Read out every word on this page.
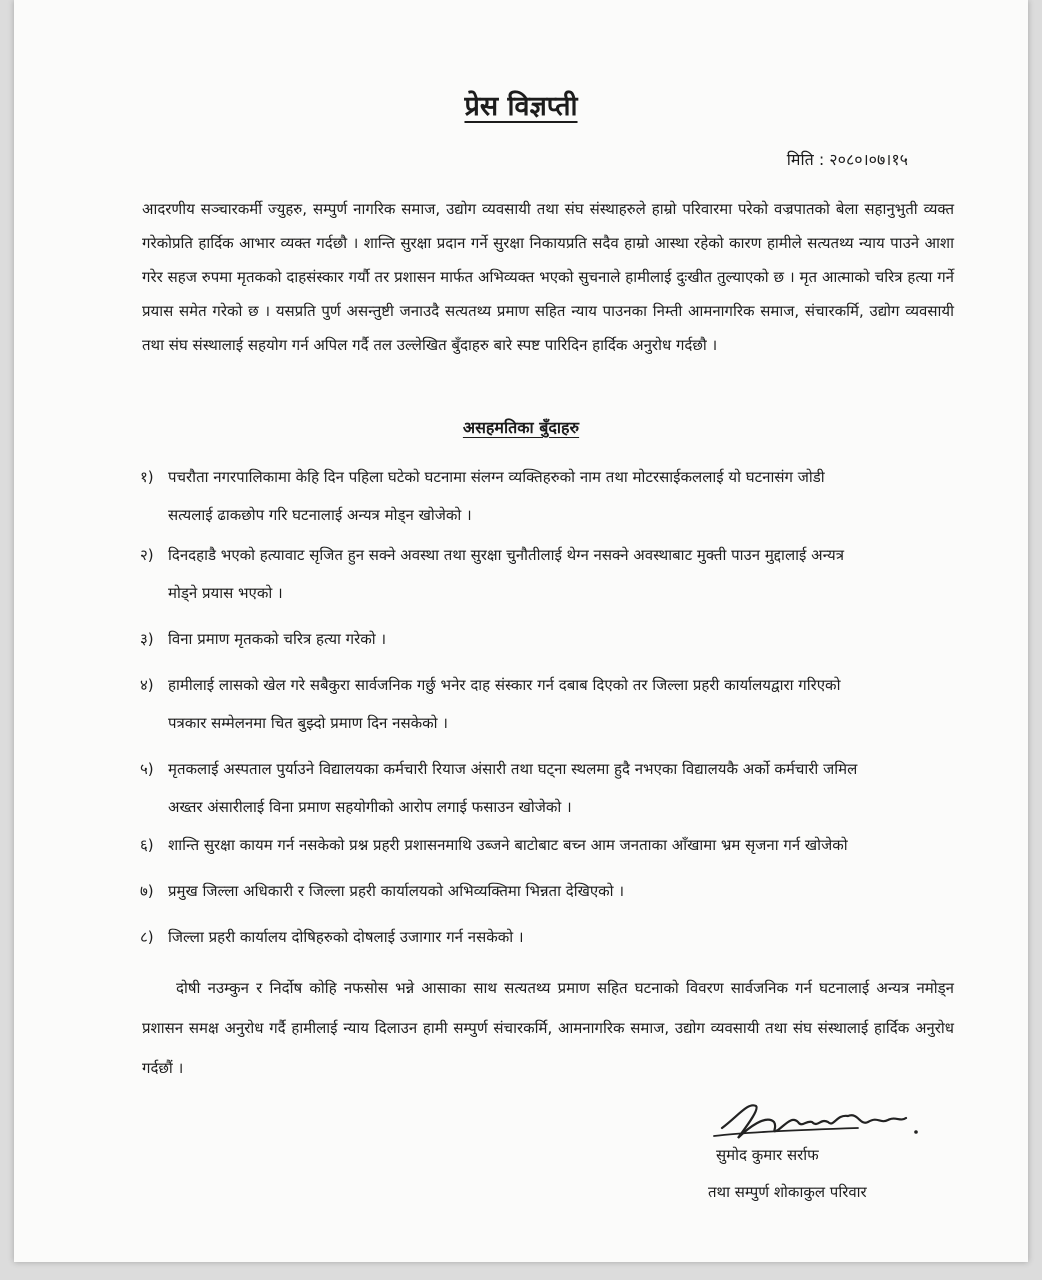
प्रेस विज्ञप्ती
मिति : २०८०।०७।१५
आदरणीय सञ्चारकर्मी ज्युहरु, सम्पुर्ण नागरिक समाज, उद्योग व्यवसायी तथा संघ संस्थाहरुले हाम्रो परिवारमा परेको वज्रपातको बेला सहानुभुती व्यक्त गरेकोप्रति हार्दिक आभार व्यक्त गर्दछौ । शान्ति सुरक्षा प्रदान गर्ने सुरक्षा निकायप्रति सदैव हाम्रो आस्था रहेको कारण हामीले सत्यतथ्य न्याय पाउने आशा गरेर सहज रुपमा मृतकको दाहसंस्कार गर्यौ तर प्रशासन मार्फत अभिव्यक्त भएको सुचनाले हामीलाई दुःखीत तुल्याएको छ । मृत आत्माको चरित्र हत्या गर्ने प्रयास समेत गरेको छ । यसप्रति पुर्ण असन्तुष्टी जनाउदै सत्यतथ्य प्रमाण सहित न्याय पाउनका निम्ती आमनागरिक समाज, संचारकर्मि, उद्योग व्यवसायी तथा संघ संस्थालाई सहयोग गर्न अपिल गर्दै तल उल्लेखित बुँदाहरु बारे स्पष्ट पारिदिन हार्दिक अनुरोध गर्दछौ ।
असहमतिका बुँदाहरु
१) पचरौता नगरपालिकामा केहि दिन पहिला घटेको घटनामा संलग्न व्यक्तिहरुको नाम तथा मोटरसाईकललाई यो घटनासंग जोडी
सत्यलाई ढाकछोप गरि घटनालाई अन्यत्र मोड्न खोजेको ।
२) दिनदहाडै भएको हत्यावाट सृजित हुन सक्ने अवस्था तथा सुरक्षा चुनौतीलाई थेग्न नसक्ने अवस्थाबाट मुक्ती पाउन मुद्दालाई अन्यत्र
मोड्ने प्रयास भएको ।
३) विना प्रमाण मृतकको चरित्र हत्या गरेको ।
४) हामीलाई लासको खेल गरे सबैकुरा सार्वजनिक गर्छु भनेर दाह संस्कार गर्न दबाब दिएको तर जिल्ला प्रहरी कार्यालयद्वारा गरिएको
पत्रकार सम्मेलनमा चित बुझ्दो प्रमाण दिन नसकेको ।
५) मृतकलाई अस्पताल पुर्याउने विद्यालयका कर्मचारी रियाज अंसारी तथा घट्ना स्थलमा हुदै नभएका विद्यालयकै अर्को कर्मचारी जमिल
अख्तर अंसारीलाई विना प्रमाण सहयोगीको आरोप लगाई फसाउन खोजेको ।
६) शान्ति सुरक्षा कायम गर्न नसकेको प्रश्न प्रहरी प्रशासनमाथि उब्जने बाटोबाट बच्न आम जनताका आँखामा भ्रम सृजना गर्न खोजेको
७) प्रमुख जिल्ला अधिकारी र जिल्ला प्रहरी कार्यालयको अभिव्यक्तिमा भिन्नता देखिएको ।
८) जिल्ला प्रहरी कार्यालय दोषिहरुको दोषलाई उजागार गर्न नसकेको ।
दोषी नउम्कुन र निर्दोष कोहि नफसोस भन्ने आसाका साथ सत्यतथ्य प्रमाण सहित घटनाको विवरण सार्वजनिक गर्न घटनालाई अन्यत्र नमोड्न प्रशासन समक्ष अनुरोध गर्दै हामीलाई न्याय दिलाउन हामी सम्पुर्ण संचारकर्मि, आमनागरिक समाज, उद्योग व्यवसायी तथा संघ संस्थालाई हार्दिक अनुरोध गर्दछौं ।
सुमोद कुमार सर्राफ
तथा सम्पुर्ण शोकाकुल परिवार
